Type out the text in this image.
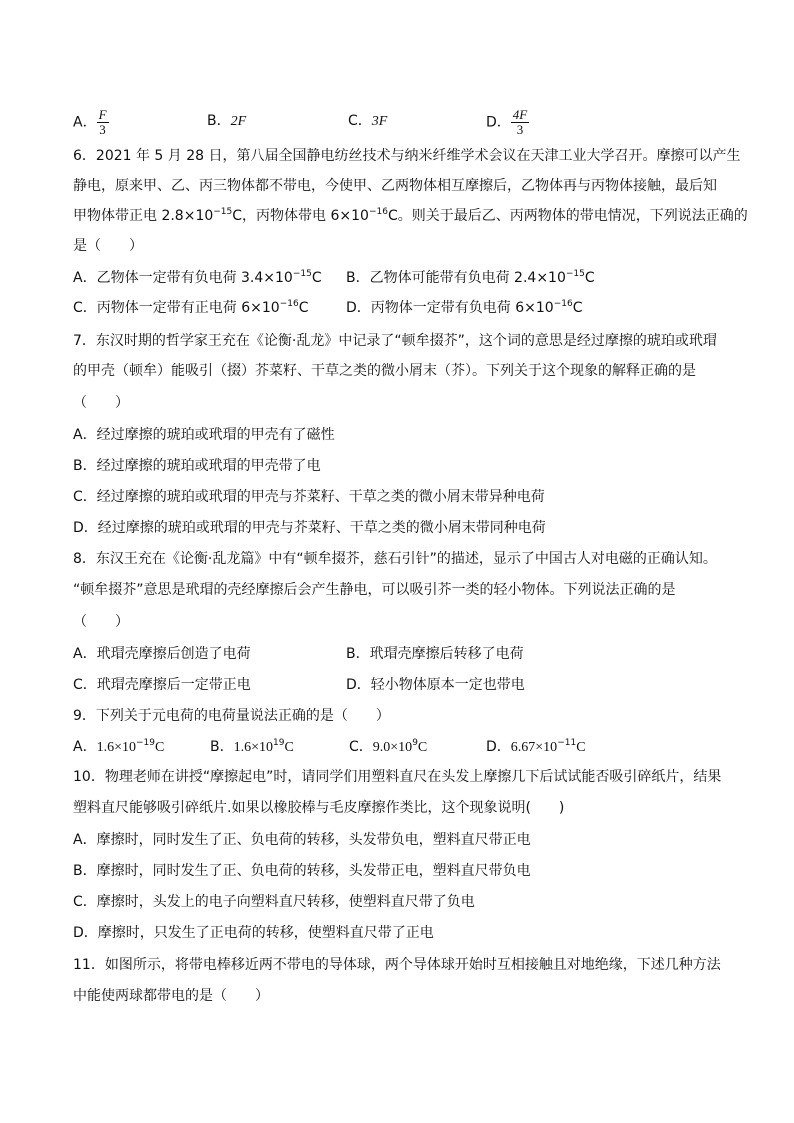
A． $\frac{F}{3}$	B．2F	C．3F	D． $\frac{4F}{3}$
6．2021 年 5 月 28 日，第八届全国静电纺丝技术与纳米纤维学术会议在天津工业大学召开。摩擦可以产生
静电，原来甲、乙、丙三物体都不带电，今使甲、乙两物体相互摩擦后，乙物体再与丙物体接触，最后知
甲物体带正电 $2.8\times 10^{-15}C$，丙物体带电 $6\times 10^{-16}C$。则关于最后乙、丙两物体的带电情况，下列说法正确的
是（　　）
A．乙物体一定带有负电荷 $3.4\times 10^{-15}C$ B．乙物体可能带有负电荷 $2.4\times 10^{-15}C$
C．丙物体一定带有正电荷 $6\times 10^{-16}C$	D．丙物体一定带有负电荷 $6\times 10^{-16}C$
7．东汉时期的哲学家王充在《论衡·乱龙》中记录了“顿牟掇芥”，这个词的意思是经过摩擦的琥珀或玳瑁
的甲壳（顿牟）能吸引（掇）芥菜籽、干草之类的微小屑末（芥）。下列关于这个现象的解释正确的是
（　　）
A．经过摩擦的琥珀或玳瑁的甲壳有了磁性
B．经过摩擦的琥珀或玳瑁的甲壳带了电
C．经过摩擦的琥珀或玳瑁的甲壳与芥菜籽、干草之类的微小屑末带异种电荷
D．经过摩擦的琥珀或玳瑁的甲壳与芥菜籽、干草之类的微小屑末带同种电荷
8．东汉王充在《论衡·乱龙篇》中有“顿牟掇芥，慈石引针”的描述，显示了中国古人对电磁的正确认知。
“顿牟掇芥”意思是玳瑁的壳经摩擦后会产生静电，可以吸引芥一类的轻小物体。下列说法正确的是
（　　）
A．玳瑁壳摩擦后创造了电荷	B．玳瑁壳摩擦后转移了电荷
C．玳瑁壳摩擦后一定带正电	D．轻小物体原本一定也带电
9．下列关于元电荷的电荷量说法正确的是（　　）
A．$1.6\times 10^{-19}C$	B．$1.6\times 10^{19}C$	C．$9.0\times 10^9C$	D．$6.67\times 10^{-11}C$
10．物理老师在讲授“摩擦起电”时，请同学们用塑料直尺在头发上摩擦几下后试试能否吸引碎纸片，结果
塑料直尺能够吸引碎纸片.如果以橡胶棒与毛皮摩擦作类比，这个现象说明(　　)
A．摩擦时，同时发生了正、负电荷的转移，头发带负电，塑料直尺带正电
B．摩擦时，同时发生了正、负电荷的转移，头发带正电，塑料直尺带负电
C．摩擦时，头发上的电子向塑料直尺转移，使塑料直尺带了负电
D．摩擦时，只发生了正电荷的转移，使塑料直尺带了正电
11．如图所示，将带电棒移近两不带电的导体球，两个导体球开始时互相接触且对地绝缘，下述几种方法
中能使两球都带电的是（　　）
